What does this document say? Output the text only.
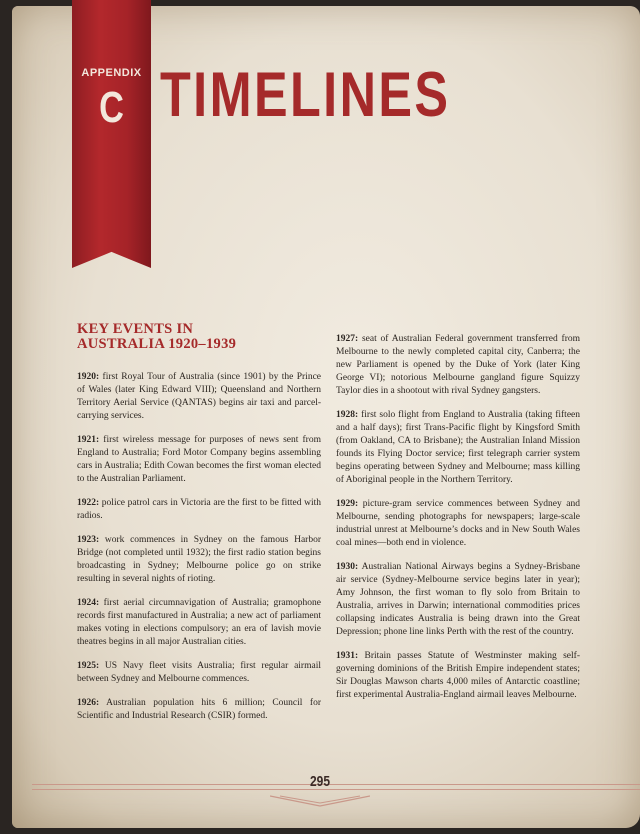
APPENDIX
C TIMELINES
KEY EVENTS IN
AUSTRALIA 1920–1939

1920: first Royal Tour of Australia (since 1901) by the Prince of Wales (later King Edward VIII); Queensland and Northern Territory Aerial Service (QANTAS) begins air taxi and parcel-carrying services.

1921: first wireless message for purposes of news sent from England to Australia; Ford Motor Company begins assembling cars in Australia; Edith Cowan becomes the first woman elected to the Australian Parliament.

1922: police patrol cars in Victoria are the first to be fitted with radios.

1923: work commences in Sydney on the famous Harbor Bridge (not completed until 1932); the first radio station begins broadcasting in Sydney; Melbourne police go on strike resulting in several nights of rioting.

1924: first aerial circumnavigation of Australia; gramophone records first manufactured in Australia; a new act of parliament makes voting in elections compulsory; an era of lavish movie theatres begins in all major Australian cities.

1925: US Navy fleet visits Australia; first regular airmail between Sydney and Melbourne commences.

1926: Australian population hits 6 million; Council for Scientific and Industrial Research (CSIR) formed.

1927: seat of Australian Federal government transferred from Melbourne to the newly completed capital city, Canberra; the new Parliament is opened by the Duke of York (later King George VI); notorious Melbourne gangland figure Squizzy Taylor dies in a shootout with rival Sydney gangsters.

1928: first solo flight from England to Australia (taking fifteen and a half days); first Trans-Pacific flight by Kingsford Smith (from Oakland, CA to Brisbane); the Australian Inland Mission founds its Flying Doctor service; first telegraph carrier system begins operating between Sydney and Melbourne; mass killing of Aboriginal people in the Northern Territory.

1929: picture-gram service commences between Sydney and Melbourne, sending photographs for newspapers; large-scale industrial unrest at Melbourne’s docks and in New South Wales coal mines—both end in violence.

1930: Australian National Airways begins a Sydney-Brisbane air service (Sydney-Melbourne service begins later in year); Amy Johnson, the first woman to fly solo from Britain to Australia, arrives in Darwin; international commodities prices collapsing indicates Australia is being drawn into the Great Depression; phone line links Perth with the rest of the country.

1931: Britain passes Statute of Westminster making self-governing dominions of the British Empire independent states; Sir Douglas Mawson charts 4,000 miles of Antarctic coastline; first experimental Australia-England airmail leaves Melbourne.

295
